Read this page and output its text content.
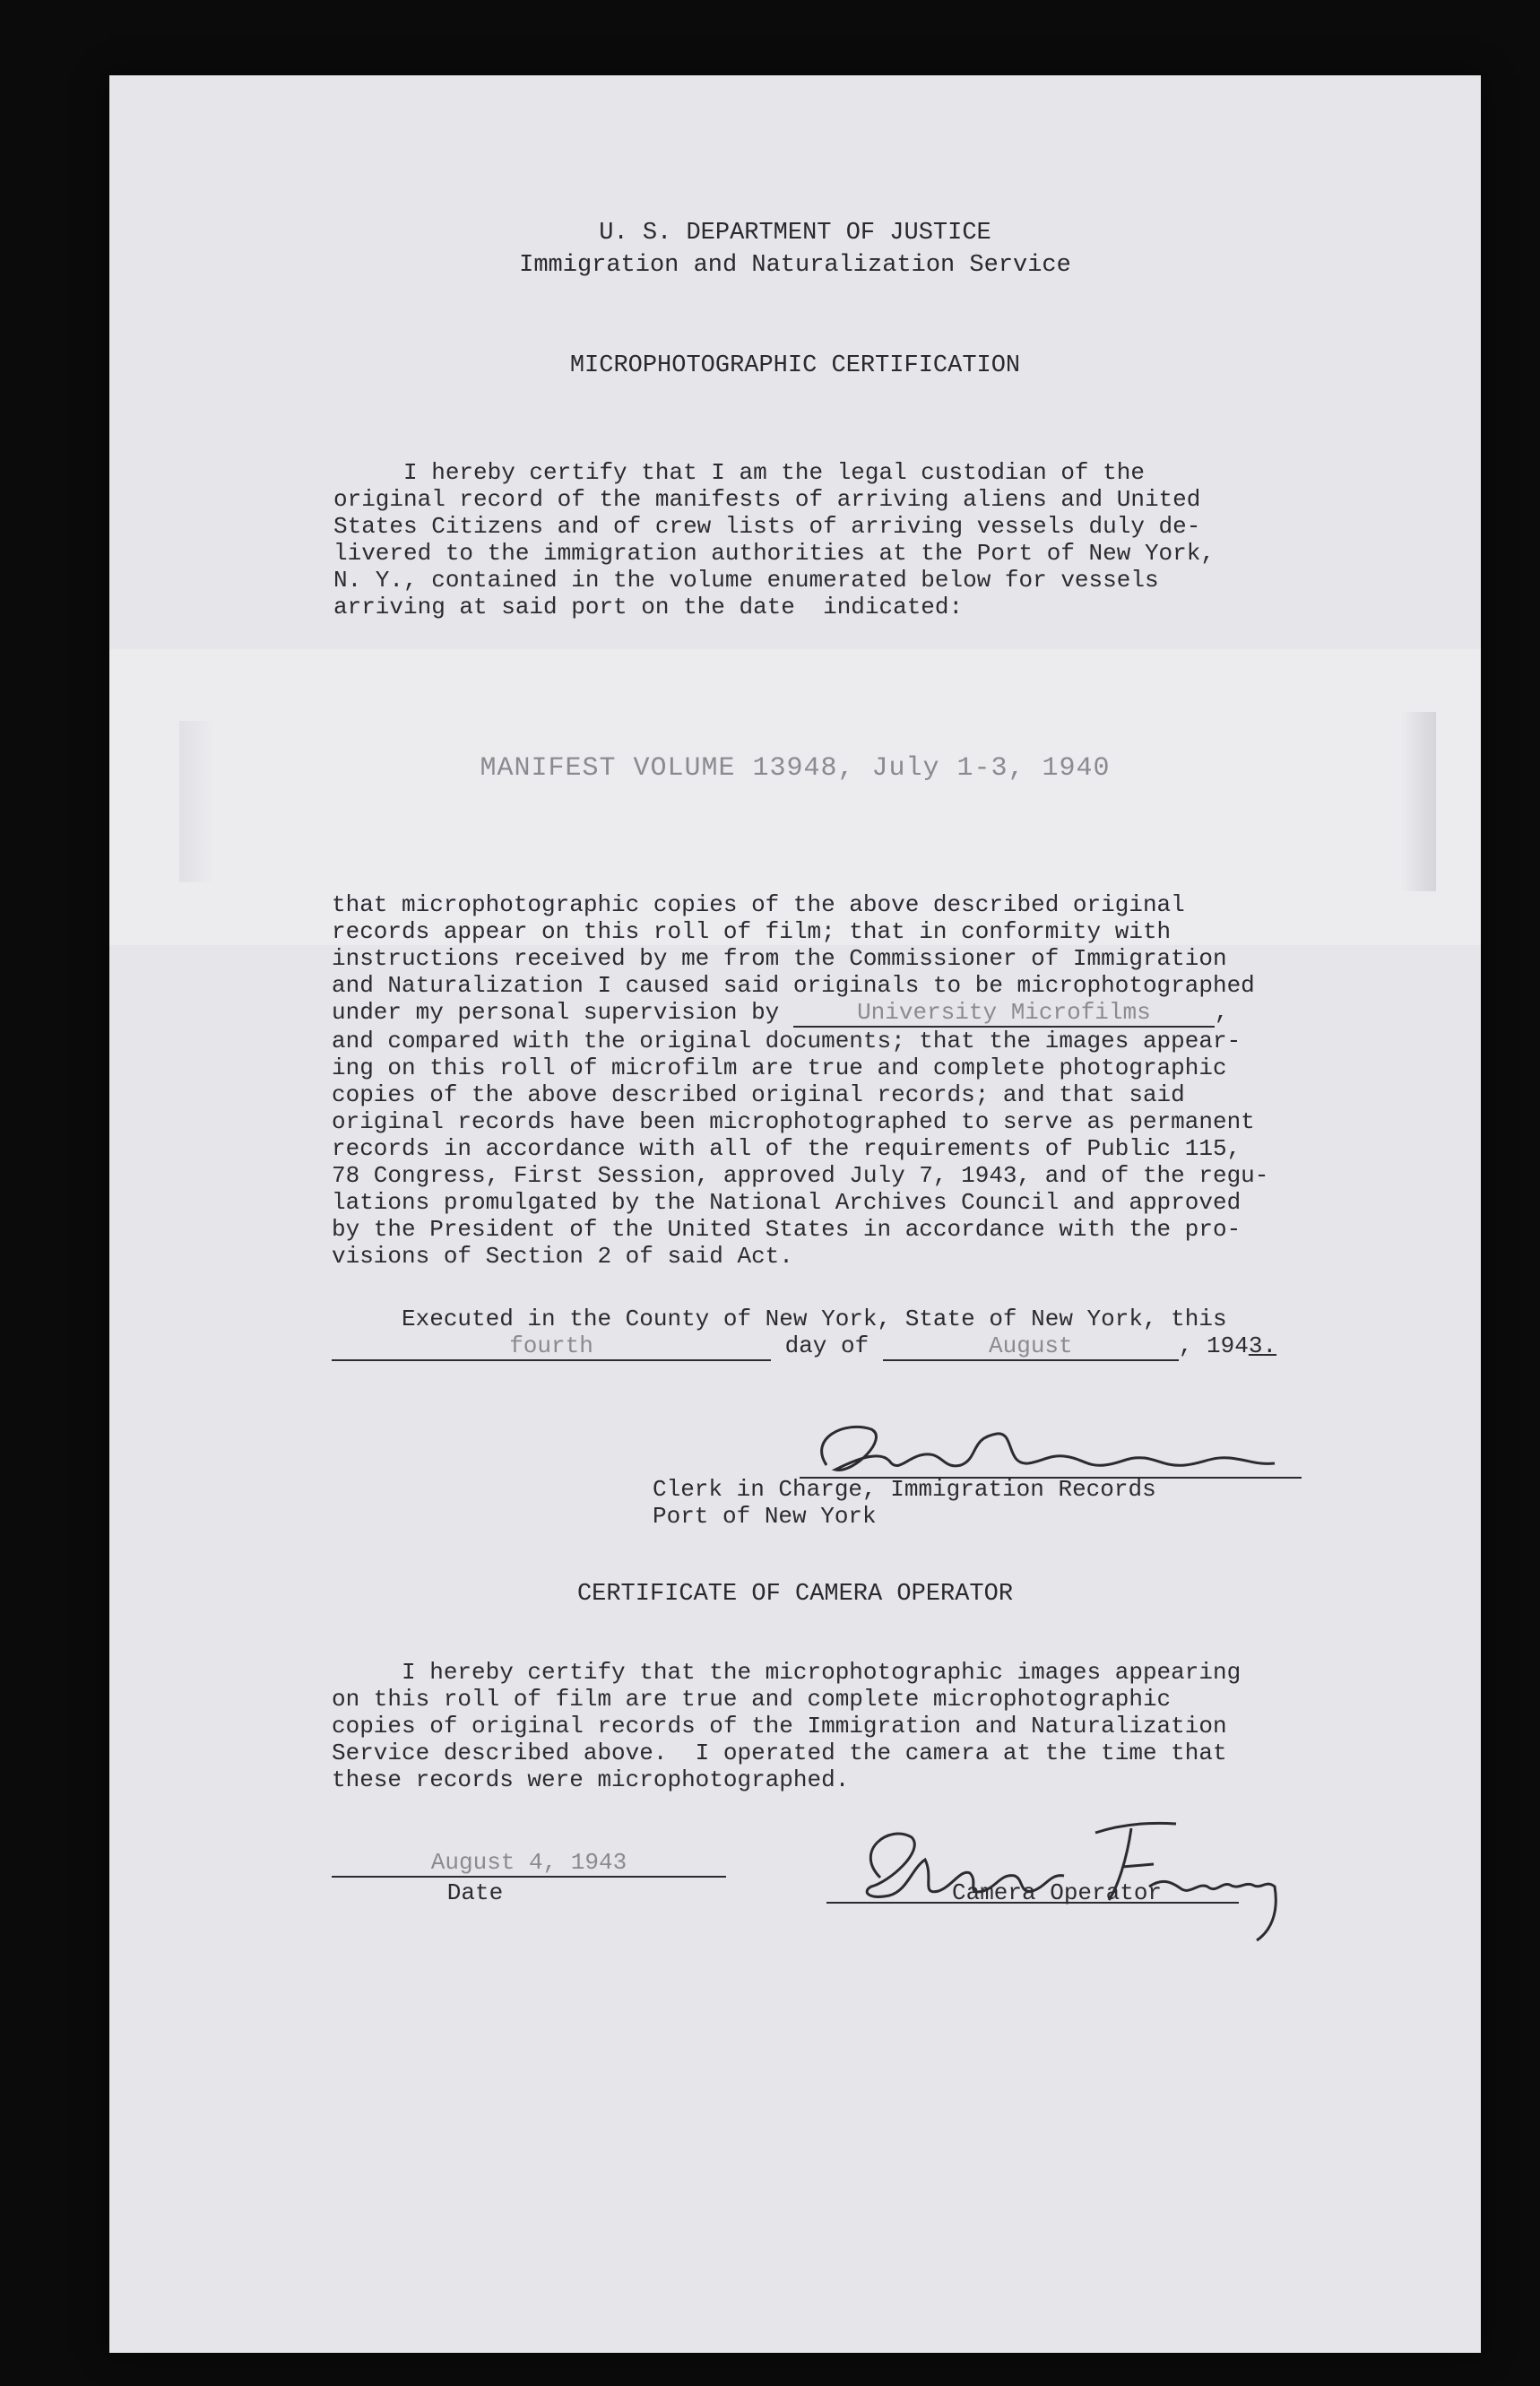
U. S. DEPARTMENT OF JUSTICE
Immigration and Naturalization Service
MICROPHOTOGRAPHIC CERTIFICATION
I hereby certify that I am the legal custodian of the
original record of the manifests of arriving aliens and United
States Citizens and of crew lists of arriving vessels duly de-
livered to the immigration authorities at the Port of New York,
N. Y., contained in the volume enumerated below for vessels
arriving at said port on the date  indicated:
MANIFEST VOLUME 13948, July 1-3, 1940
that microphotographic copies of the above described original
records appear on this roll of film; that in conformity with
instructions received by me from the Commissioner of Immigration
and Naturalization I caused said originals to be microphotographed
under my personal supervision by	University Microfilms	,
and compared with the original documents; that the images appear-
ing on this roll of microfilm are true and complete photographic
copies of the above described original records; and that said
original records have been microphotographed to serve as permanent
records in accordance with all of the requirements of Public 115,
78 Congress, First Session, approved July 7, 1943, and of the regu-
lations promulgated by the National Archives Council and approved
by the President of the United States in accordance with the pro-
visions of Section 2 of said Act.
Executed in the County of New York, State of New York, this
fourth	day of	August	, 1943.
Clerk in Charge, Immigration Records
Port of New York
CERTIFICATE OF CAMERA OPERATOR
I hereby certify that the microphotographic images appearing
on this roll of film are true and complete microphotographic
copies of original records of the Immigration and Naturalization
Service described above.  I operated the camera at the time that
these records were microphotographed.
August 4, 1943
Date	Camera Operator
